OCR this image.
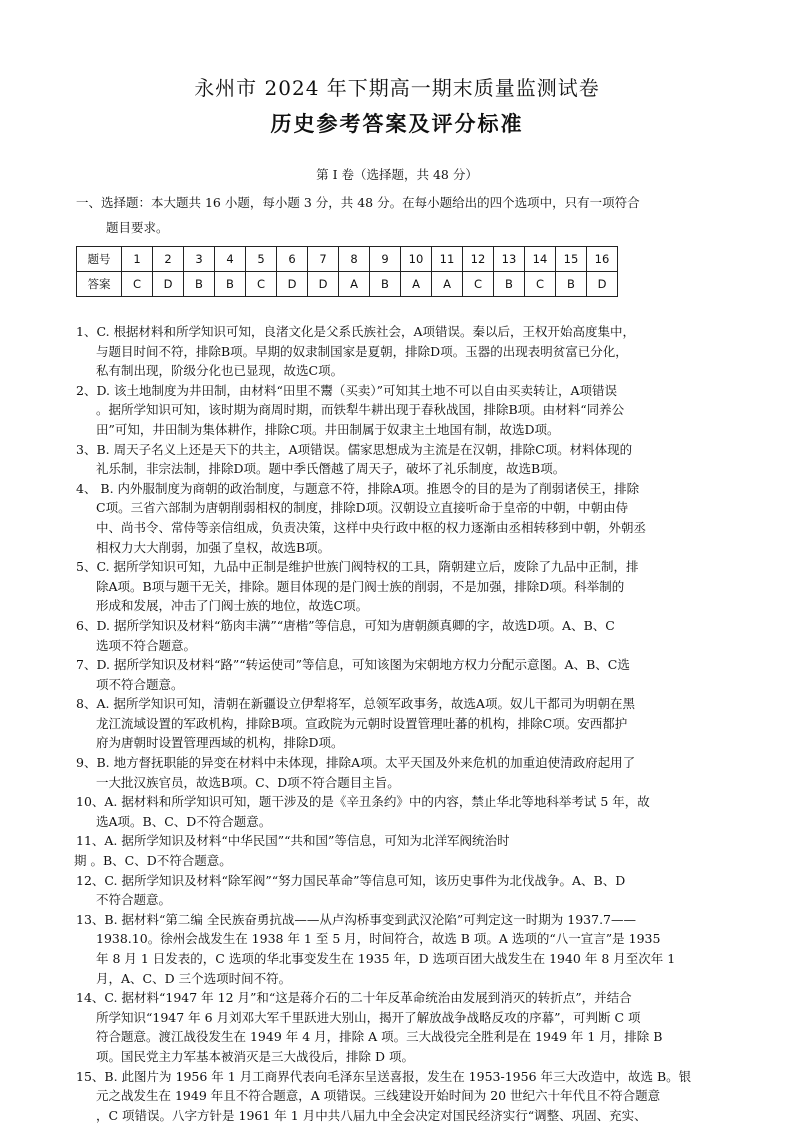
永州市 2024 年下期高一期末质量监测试卷
历史参考答案及评分标准
第 I 卷（选择题，共 48 分）
一、选择题：本大题共 16 小题，每小题 3 分，共 48 分。在每小题给出的四个选项中，只有一项符合
题目要求。
题号	1	2	3	4	5	6	7	8	9	10	11	12	13	14	15	16
答案	C	D	B	B	C	D	D	A	B	A	A	C	B	C	B	D
1、C. 根据材料和所学知识可知，良渚文化是父系氏族社会，A项错误。秦以后，王权开始高度集中，
与题目时间不符，排除B项。早期的奴隶制国家是夏朝，排除D项。玉器的出现表明贫富已分化，
私有制出现，阶级分化也已显现，故选C项。
2、D. 该土地制度为井田制，由材料“田里不鬻（买卖）”可知其土地不可以自由买卖转让，A项错误
。据所学知识可知，该时期为商周时期，而铁犁牛耕出现于春秋战国，排除B项。由材料“同养公
田”可知，井田制为集体耕作，排除C项。井田制属于奴隶主土地国有制，故选D项。
3、B. 周天子名义上还是天下的共主，A项错误。儒家思想成为主流是在汉朝，排除C项。材料体现的
礼乐制，非宗法制，排除D项。题中季氏僭越了周天子，破坏了礼乐制度，故选B项。
4、 B. 内外服制度为商朝的政治制度，与题意不符，排除A项。推恩令的目的是为了削弱诸侯王，排除
C项。三省六部制为唐朝削弱相权的制度，排除D项。汉朝设立直接听命于皇帝的中朝，中朝由侍
中、尚书令、常侍等亲信组成，负责决策，这样中央行政中枢的权力逐渐由丞相转移到中朝，外朝丞
相权力大大削弱，加强了皇权，故选B项。
5、C. 据所学知识可知，九品中正制是维护世族门阀特权的工具，隋朝建立后，废除了九品中正制，排
除A项。B项与题干无关，排除。题目体现的是门阀士族的削弱，不是加强，排除D项。科举制的
形成和发展，冲击了门阀士族的地位，故选C项。
6、D. 据所学知识及材料“筋肉丰满”“唐楷”等信息，可知为唐朝颜真卿的字，故选D项。A、B、C
选项不符合题意。
7、D. 据所学知识及材料“路”“转运使司”等信息，可知该图为宋朝地方权力分配示意图。A、B、C选
项不符合题意。
8、A. 据所学知识可知，清朝在新疆设立伊犁将军，总领军政事务，故选A项。奴儿干都司为明朝在黑
龙江流域设置的军政机构，排除B项。宣政院为元朝时设置管理吐蕃的机构，排除C项。安西都护
府为唐朝时设置管理西域的机构，排除D项。
9、B. 地方督抚职能的异变在材料中未体现，排除A项。太平天国及外来危机的加重迫使清政府起用了
一大批汉族官员，故选B项。C、D项不符合题目主旨。
10、A. 据材料和所学知识可知，题干涉及的是《辛丑条约》中的内容，禁止华北等地科举考试 5 年，故
选A项。B、C、D不符合题意。
11、A. 据所学知识及材料“中华民国”“共和国”等信息，可知为北洋军阀统治时
期 。B、C、D不符合题意。
12、C. 据所学知识及材料“除军阀”“努力国民革命”等信息可知，该历史事件为北伐战争。A、B、D
不符合题意。
13、B. 据材料“第二编 全民族奋勇抗战——从卢沟桥事变到武汉沦陷”可判定这一时期为 1937.7——
1938.10。徐州会战发生在 1938 年 1 至 5 月，时间符合，故选 B 项。A 选项的“八一宣言”是 1935
年 8 月 1 日发表的，C 选项的华北事变发生在 1935 年，D 选项百团大战发生在 1940 年 8 月至次年 1
月，A、C、D 三个选项时间不符。
14、C. 据材料“1947 年 12 月”和“这是蒋介石的二十年反革命统治由发展到消灭的转折点”，并结合
所学知识“1947 年 6 月刘邓大军千里跃进大别山，揭开了解放战争战略反攻的序幕”，可判断 C 项
符合题意。渡江战役发生在 1949 年 4 月，排除 A 项。三大战役完全胜利是在 1949 年 1 月，排除 B
项。国民党主力军基本被消灭是三大战役后，排除 D 项。
15、B. 此图片为 1956 年 1 月工商界代表向毛泽东呈送喜报，发生在 1953-1956 年三大改造中，故选 B。银
元之战发生在 1949 年且不符合题意，A 项错误。三线建设开始时间为 20 世纪六十年代且不符合题意
，C 项错误。八字方针是 1961 年 1 月中共八届九中全会决定对国民经济实行“调整、巩固、充实、
